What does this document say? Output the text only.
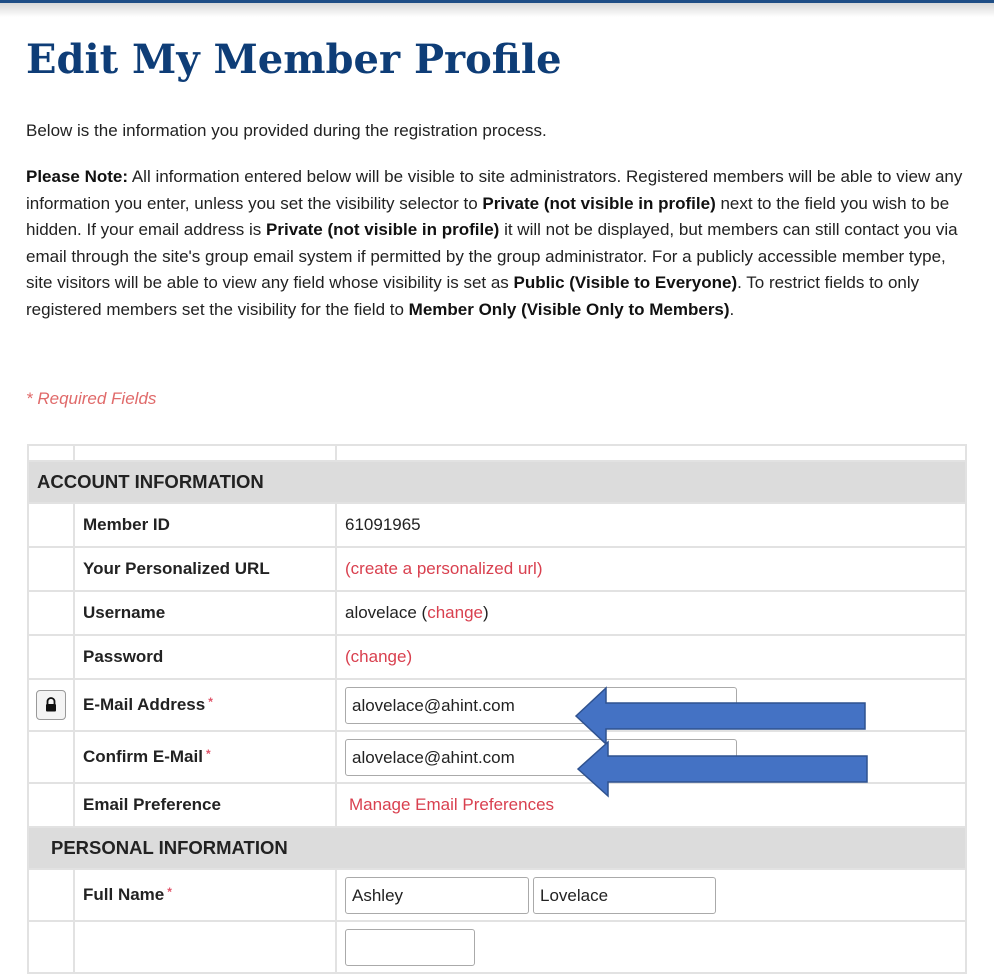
Edit My Member Profile

Below is the information you provided during the registration process.

Please Note: All information entered below will be visible to site administrators. Registered members will be able to view any information you enter, unless you set the visibility selector to Private (not visible in profile) next to the field you wish to be hidden. If your email address is Private (not visible in profile) it will not be displayed, but members can still contact you via email through the site's group email system if permitted by the group administrator. For a publicly accessible member type, site visitors will be able to view any field whose visibility is set as Public (Visible to Everyone). To restrict fields to only registered members set the visibility for the field to Member Only (Visible Only to Members).

* Required Fields

ACCOUNT INFORMATION		
	Member ID	61091965
	Your Personalized URL	(create a personalized url)
	Username	alovelace (change)
	Password	(change)

	E-Mail Address *	alovelace@ahint.com
	Confirm E-Mail *	alovelace@ahint.com
	Email Preference	Manage Email Preferences
PERSONAL INFORMATION		
	Full Name *	Ashley Lovelace
